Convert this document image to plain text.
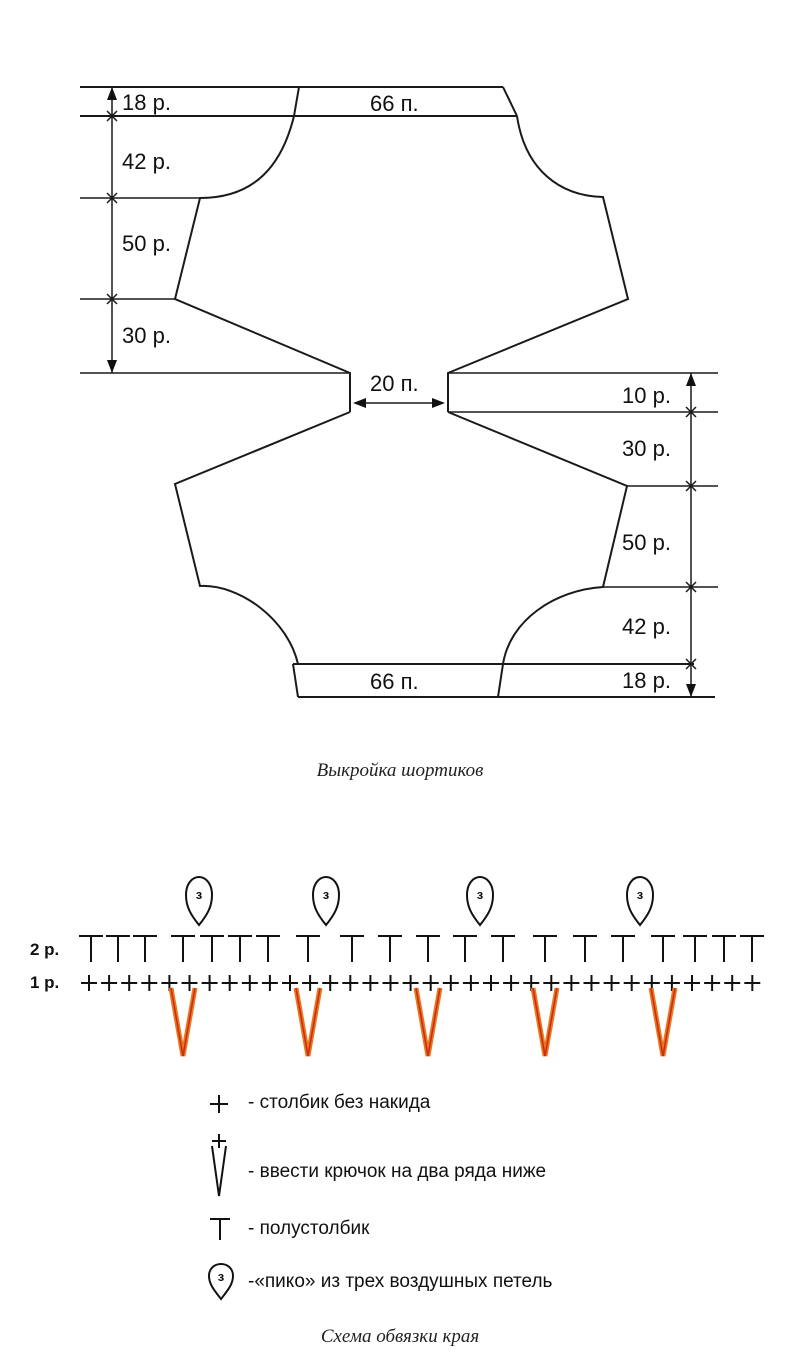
18 р.
42 р.
50 р.
30 р.
66 п.
20 п.
66 п.
10 р.
30 р.
50 р.
42 р.
18 р.
Выкройка шортиков
2 р.
1 р.
з	з	з	з
Схема обвязки края
- столбик без накида
- ввести крючок на два ряда ниже
- полустолбик
з -«пико» из трех воздушных петель
